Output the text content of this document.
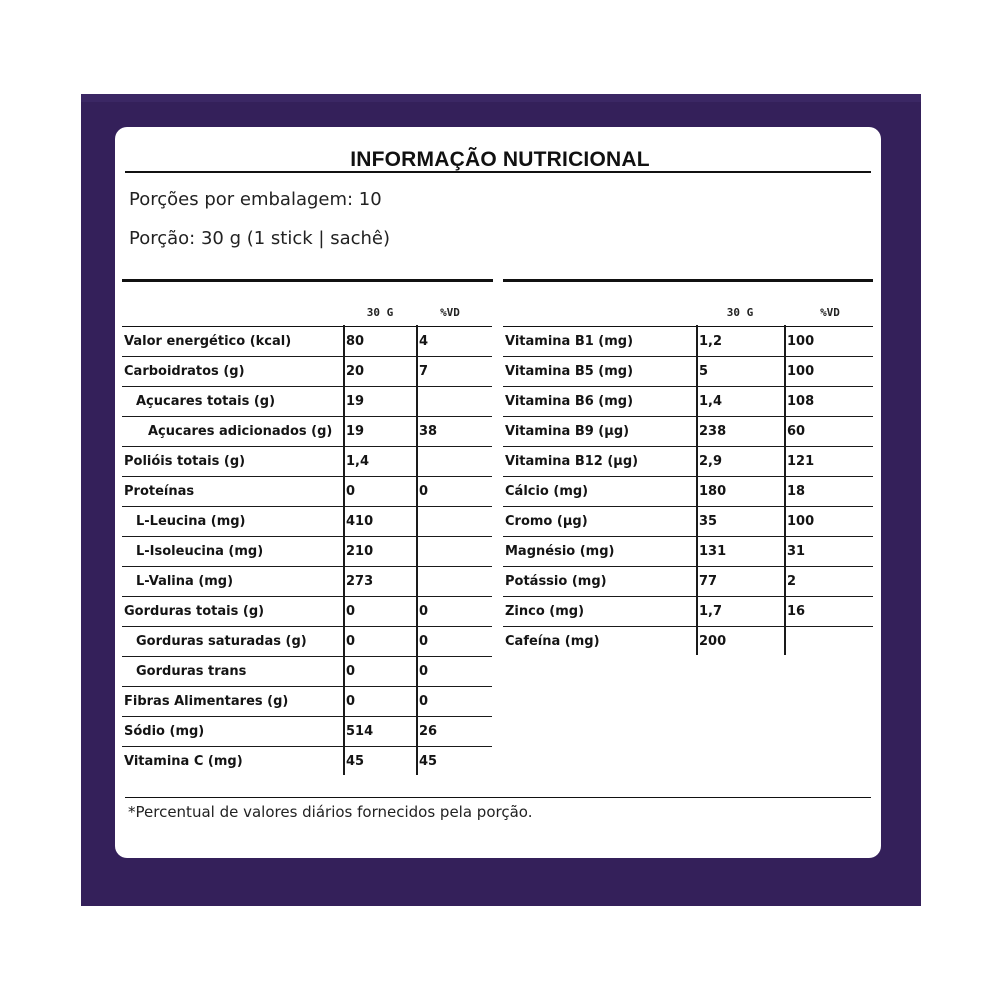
INFORMAÇÃO NUTRICIONAL
Porções por embalagem: 10
Porção: 30 g (1 stick | sachê)
30 G	%VD	30 G	%VD
Valor energético (kcal)	80	4
Carboidratos (g)	20	7
Açucares totais (g)	19
Açucares adicionados (g) 19	38
Polióis totais (g)	1,4
Proteínas	0	0
L-Leucina (mg)	410
L-Isoleucina (mg)	210
L-Valina (mg)	273
Gorduras totais (g)	0	0
Gorduras saturadas (g)	0	0
Gorduras trans	0	0
Fibras Alimentares (g)	0	0
Sódio (mg)	514	26
Vitamina C (mg)	45	45
Vitamina B1 (mg)	1,2	100
Vitamina B5 (mg)	5	100
Vitamina B6 (mg)	1,4	108
Vitamina B9 (µg)	238	60
Vitamina B12 (µg)	2,9	121
Cálcio (mg)	180	18
Cromo (µg)	35	100
Magnésio (mg)	131	31
Potássio (mg)	77	2
Zinco (mg)	1,7	16
Cafeína (mg)	200
*Percentual de valores diários fornecidos pela porção.
